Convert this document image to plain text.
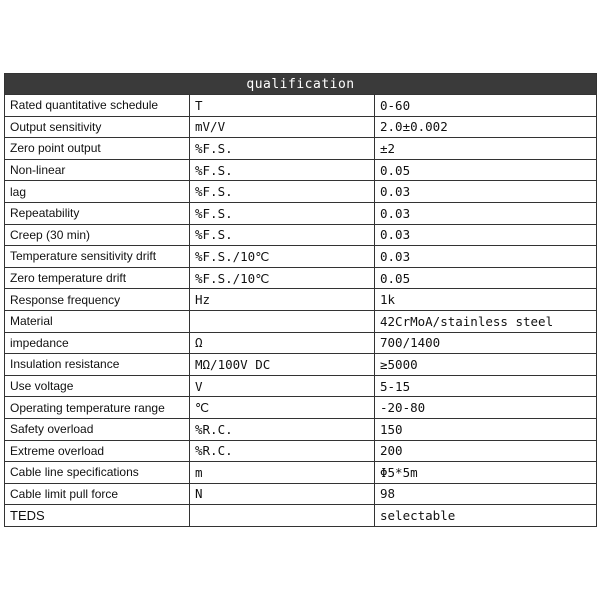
qualification		
Rated quantitative schedule	T	0-60
Output sensitivity	mV/V	2.0±0.002
Zero point output	%F.S.	±2
Non-linear	%F.S.	0.05
lag	%F.S.	0.03
Repeatability	%F.S.	0.03
Creep (30 min)	%F.S.	0.03
Temperature sensitivity drift	%F.S./10℃	0.03
Zero temperature drift	%F.S./10℃	0.05
Response frequency	Hz	1k
Material		42CrMoA/stainless steel
impedance	Ω	700/1400
Insulation resistance	MΩ/100V DC	≥5000
Use voltage	V	5-15
Operating temperature range	℃	-20-80
Safety overload	%R.C.	150
Extreme overload	%R.C.	200
Cable line specifications	m	Φ5*5m
Cable limit pull force	N	98
TEDS		selectable
